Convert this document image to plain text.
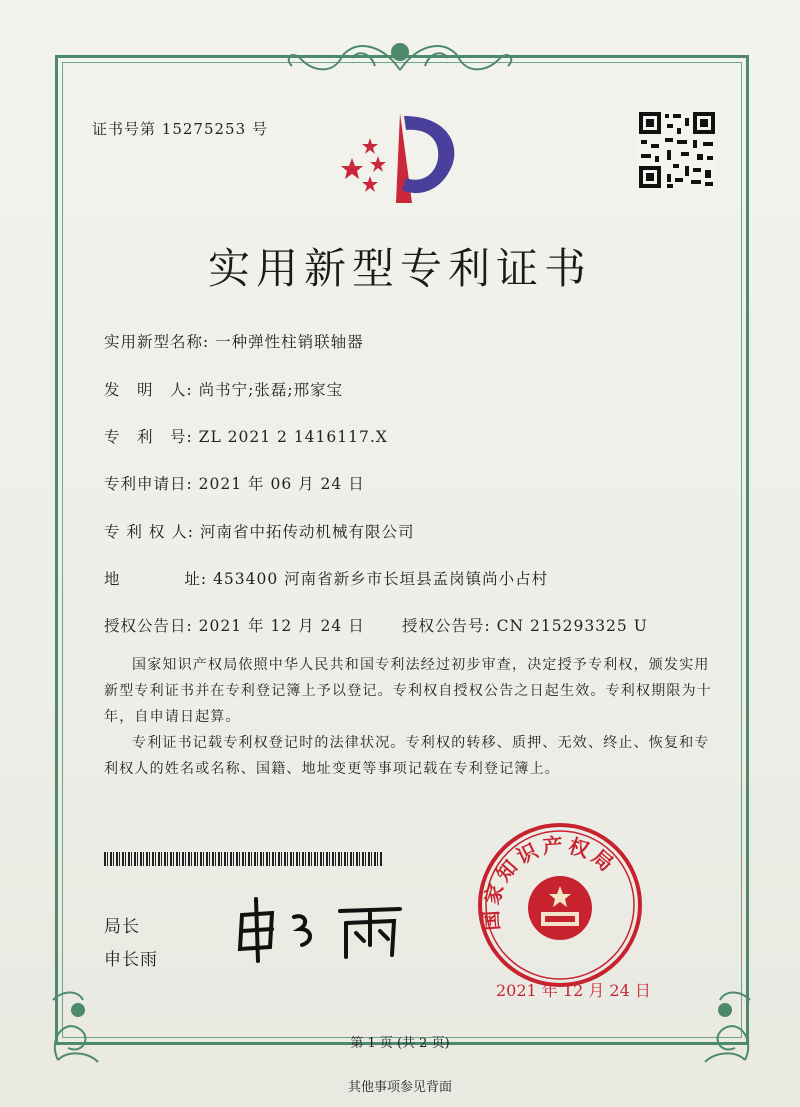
证书号第 15275253 号
实用新型专利证书
实用新型名称: 一种弹性柱销联轴器
发　明　人: 尚书宁;张磊;邢家宝
专　利　号: ZL 2021 2 1416117.X
专利申请日: 2021 年 06 月 24 日
专 利 权 人: 河南省中拓传动机械有限公司
地	址: 453400 河南省新乡市长垣县孟岗镇尚小占村
授权公告日: 2021 年 12 月 24 日 授权公告号: CN 215293325 U
国家知识产权局依照中华人民共和国专利法经过初步审查，决定授予专利权，颁发实用新型专利证书并在专利登记簿上予以登记。专利权自授权公告之日起生效。专利权期限为十年，自申请日起算。
专利证书记载专利权登记时的法律状况。专利权的转移、质押、无效、终止、恢复和专利权人的姓名或名称、国籍、地址变更等事项记载在专利登记簿上。
局长
申长雨
国家知识产权局
2021 年 12 月 24 日
第 1 页 (共 2 页)
其他事项参见背面
